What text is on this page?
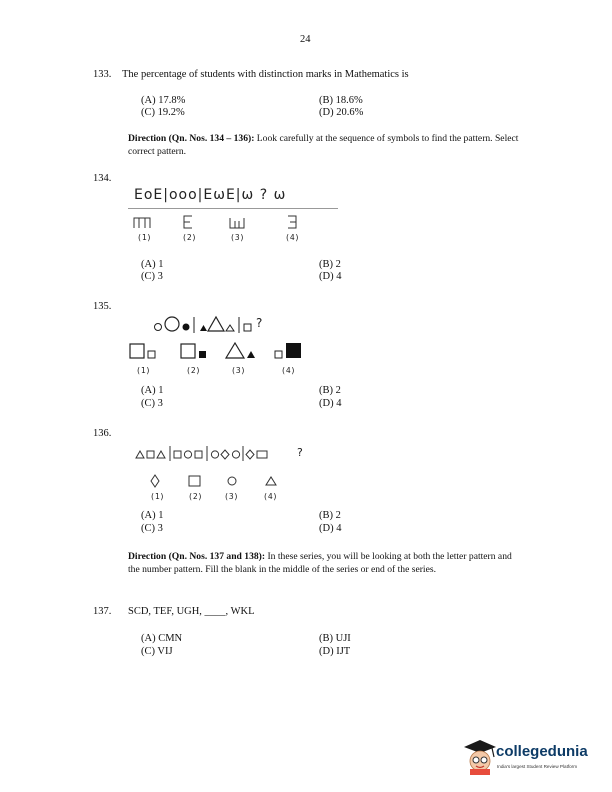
24
133. The percentage of students with distinction marks in Mathematics is
(A) 17.8%	(B) 18.6%
(C) 19.2%	(D) 20.6%
Direction (Qn. Nos. 134 – 136): Look carefully at the sequence of symbols to find the pattern. Select correct pattern.
134.
ΕοΕ|οοο|ΕωΕ|ω ? ω
(1)	(2)	(3)	(4)
(A) 1	(B) 2
(C) 3	(D) 4
135.
?
(1)	(2)	(3)	(4)
(A) 1	(B) 2
(C) 3	(D) 4
136.
?
(1)	(2)	(3)	(4)
(A) 1	(B) 2
(C) 3	(D) 4
Direction (Qn. Nos. 137 and 138): In these series, you will be looking at both the letter pattern and the number pattern. Fill the blank in the middle of the series or end of the series.
137. SCD, TEF, UGH, ____, WKL
(A) CMN	(B) UJI
(C) VIJ	(D) IJT
collegedunia
India's largest Student Review Platform
